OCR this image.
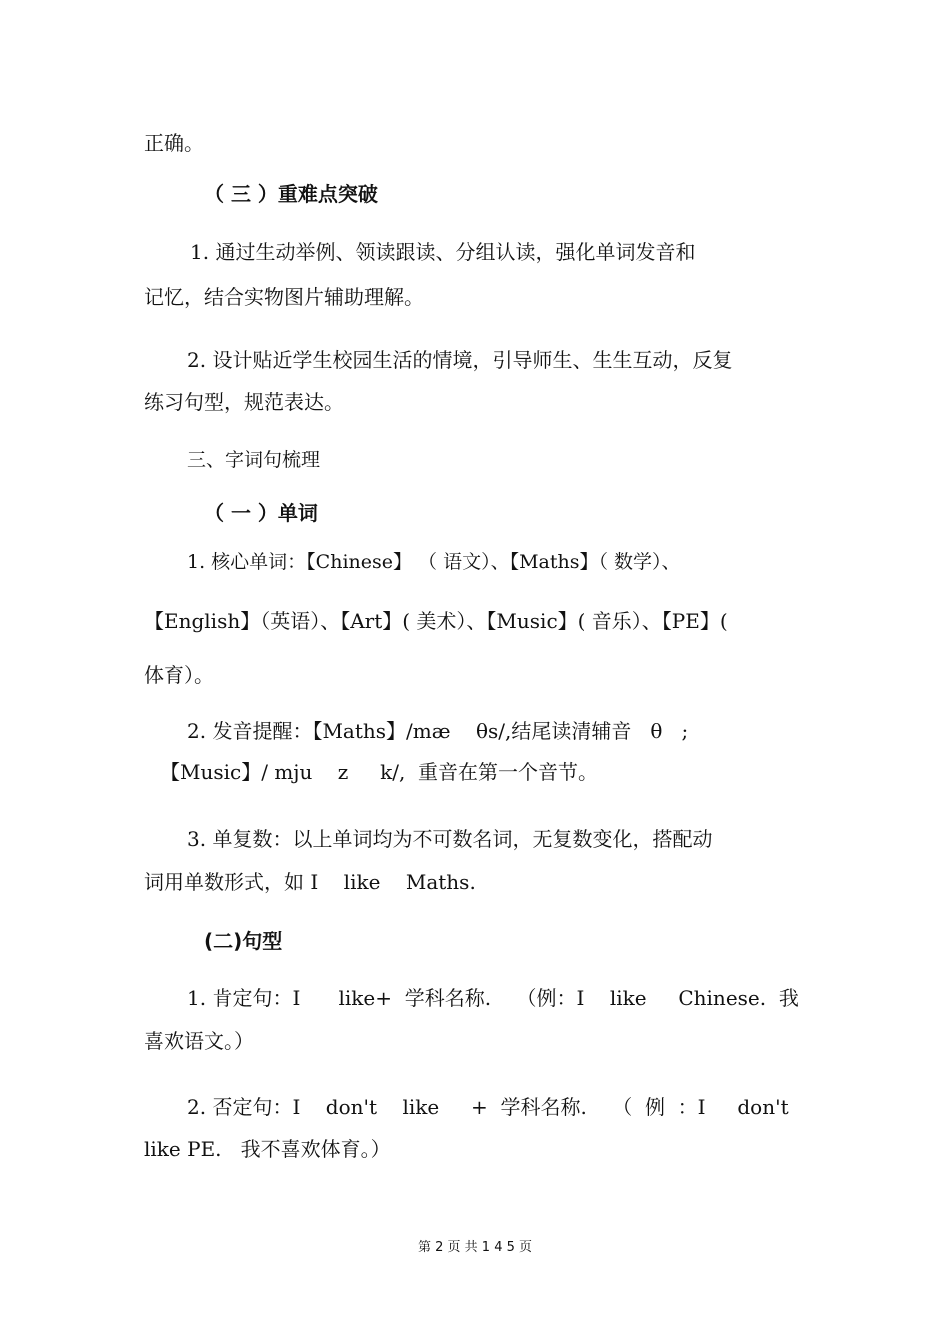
正确。
（ 三 ）重难点突破
1. 通过生动举例、领读跟读、分组认读，强化单词发音和
记忆，结合实物图片辅助理解。
2. 设计贴近学生校园生活的情境，引导师生、生生互动，反复
练习句型，规范表达。
三、字词句梳理
（ 一 ）单词
1. 核心单词：【Chinese】 （ 语文）、【Maths】（ 数学）、
【English】（英语）、【Art】( 美术）、【Music】( 音乐）、【PE】(
体育）。
2. 发音提醒：【Maths】/mæ    θs/,结尾读清辅音   θ   ;
【Music】/ mju    z     k/,  重音在第一个音节。
3. 单复数：以上单词均为不可数名词，无复数变化，搭配动
词用单数形式，如 I    like    Maths.
(二)句型
1. 肯定句：I      like+  学科名称.    （例：I    like     Chinese.  我
喜欢语文。）
2. 否定句：I    don't    like     +  学科名称.    （  例  ：I     don't
like PE.   我不喜欢体育。）
第 2 页 共 1 4 5 页
